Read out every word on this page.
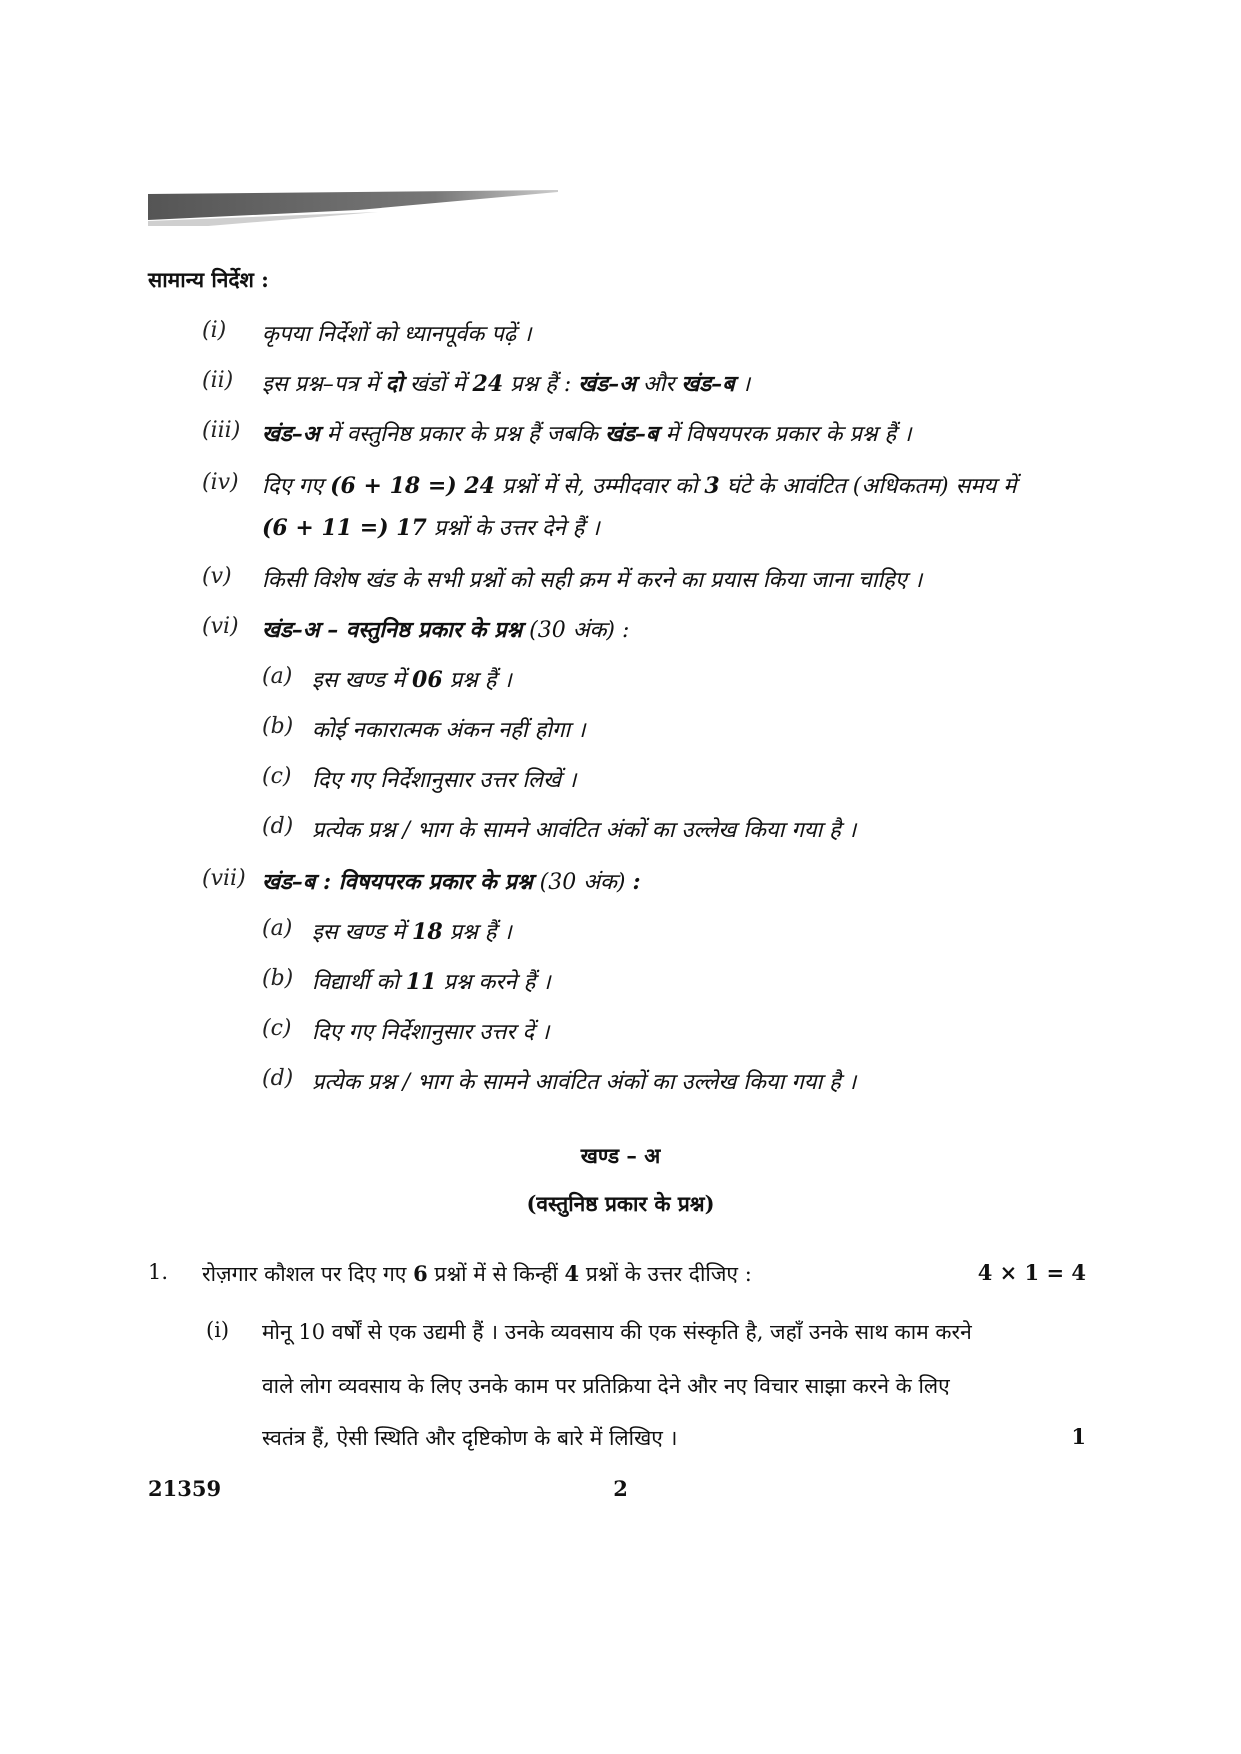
सामान्य निर्देश :
(i) कृपया निर्देशों को ध्यानपूर्वक पढ़ें ।
(ii) इस प्रश्न–पत्र में दो खंडों में 24 प्रश्न हैं : खंड–अ और खंड–ब ।
(iii) खंड–अ में वस्तुनिष्ठ प्रकार के प्रश्न हैं जबकि खंड–ब में विषयपरक प्रकार के प्रश्न हैं ।
(iv) दिए गए (6 + 18 =) 24 प्रश्नों में से, उम्मीदवार को 3 घंटे के आवंटित (अधिकतम) समय में
(6 + 11 =) 17 प्रश्नों के उत्तर देने हैं ।
(v) किसी विशेष खंड के सभी प्रश्नों को सही क्रम में करने का प्रयास किया जाना चाहिए ।
(vi) खंड–अ – वस्तुनिष्ठ प्रकार के प्रश्न (30 अंक) :
(a) इस खण्ड में 06 प्रश्न हैं ।
(b) कोई नकारात्मक अंकन नहीं होगा ।
(c) दिए गए निर्देशानुसार उत्तर लिखें ।
(d) प्रत्येक प्रश्न / भाग के सामने आवंटित अंकों का उल्लेख किया गया है ।
(vii) खंड–ब : विषयपरक प्रकार के प्रश्न (30 अंक) :
(a) इस खण्ड में 18 प्रश्न हैं ।
(b) विद्यार्थी को 11 प्रश्न करने हैं ।
(c) दिए गए निर्देशानुसार उत्तर दें ।
(d) प्रत्येक प्रश्न / भाग के सामने आवंटित अंकों का उल्लेख किया गया है ।
खण्ड – अ
(वस्तुनिष्ठ प्रकार के प्रश्न)
1. रोज़गार कौशल पर दिए गए 6 प्रश्नों में से किन्हीं 4 प्रश्नों के उत्तर दीजिए :	4 × 1 = 4
(i) मोनू 10 वर्षों से एक उद्यमी हैं । उनके व्यवसाय की एक संस्कृति है, जहाँ उनके साथ काम करने
वाले लोग व्यवसाय के लिए उनके काम पर प्रतिक्रिया देने और नए विचार साझा करने के लिए
स्वतंत्र हैं, ऐसी स्थिति और दृष्टिकोण के बारे में लिखिए ।	1
21359	2
